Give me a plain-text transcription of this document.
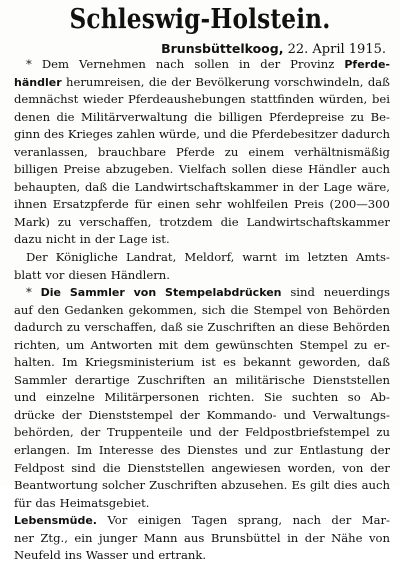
Schleswig-Holstein.
Brunsbüttelkoog, 22. April 1915.
* Dem Vernehmen nach sollen in der Provinz Pferde-
händler herumreisen, die der Bevölkerung vorschwindeln, daß
demnächst wieder Pferdeaushebungen stattfinden würden, bei
denen die Militärverwaltung die billigen Pferdepreise zu Be-
ginn des Krieges zahlen würde, und die Pferdebesitzer dadurch
veranlassen, brauchbare Pferde zu einem verhältnismäßig
billigen Preise abzugeben. Vielfach sollen diese Händler auch
behaupten, daß die Landwirtschaftskammer in der Lage wäre,
ihnen Ersatzpferde für einen sehr wohlfeilen Preis (200—300
Mark) zu verschaffen, trotzdem die Landwirtschaftskammer
dazu nicht in der Lage ist.
Der Königliche Landrat, Meldorf, warnt im letzten Amts-
blatt vor diesen Händlern.
* Die Sammler von Stempelabdrücken sind neuerdings
auf den Gedanken gekommen, sich die Stempel von Behörden
dadurch zu verschaffen, daß sie Zuschriften an diese Behörden
richten, um Antworten mit dem gewünschten Stempel zu er-
halten. Im Kriegsministerium ist es bekannt geworden, daß
Sammler derartige Zuschriften an militärische Dienststellen
und einzelne Militärpersonen richten. Sie suchten so Ab-
drücke der Dienststempel der Kommando- und Verwaltungs-
behörden, der Truppenteile und der Feldpostbriefstempel zu
erlangen. Im Interesse des Dienstes und zur Entlastung der
Feldpost sind die Dienststellen angewiesen worden, von der
Beantwortung solcher Zuschriften abzusehen. Es gilt dies auch
für das Heimatsgebiet.
Lebensmüde. Vor einigen Tagen sprang, nach der Mar-
ner Ztg., ein junger Mann aus Brunsbüttel in der Nähe von
Neufeld ins Wasser und ertrank.
